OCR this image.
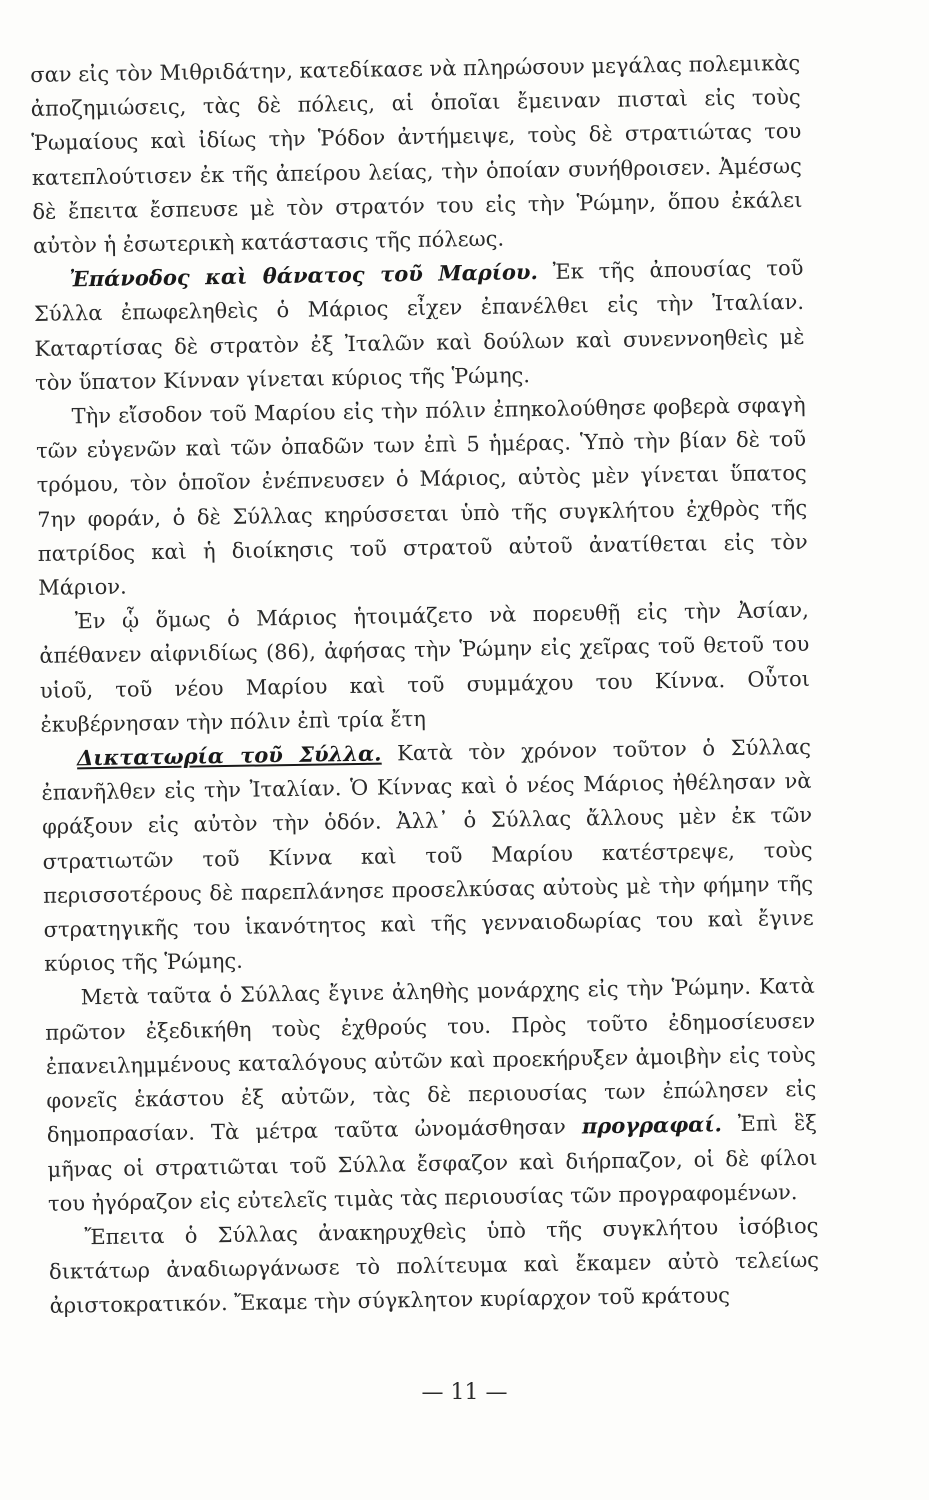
σαν εἰς τὸν Μιθριδάτην, κατεδίκασε νὰ πληρώσουν μεγάλας πολεμικὰς ἀποζημιώσεις, τὰς δὲ πόλεις, αἱ ὁποῖαι ἔμειναν πισταὶ εἰς τοὺς Ῥωμαίους καὶ ἰδίως τὴν Ῥόδον ἀντήμειψε, τοὺς δὲ στρατιώτας του κατεπλούτισεν ἐκ τῆς ἀπείρου λείας, τὴν ὁποίαν συνήθροισεν. Ἀμέσως δὲ ἔπειτα ἔσπευσε μὲ τὸν στρατόν του εἰς τὴν Ῥώμην, ὅπου ἐκάλει αὐτὸν ἡ ἐσωτερικὴ κατάστασις τῆς πόλεως.

Ἐπάνοδος καὶ θάνατος τοῦ Μαρίου. Ἐκ τῆς ἀπουσίας τοῦ Σύλλα ἐπωφεληθεὶς ὁ Μάριος εἶχεν ἐπανέλθει εἰς τὴν Ἰταλίαν. Καταρτίσας δὲ στρατὸν ἐξ Ἰταλῶν καὶ δούλων καὶ συνεννοηθεὶς μὲ τὸν ὕπατον Κίνναν γίνεται κύριος τῆς Ῥώμης.

Τὴν εἴσοδον τοῦ Μαρίου εἰς τὴν πόλιν ἐπηκολούθησε φοβερὰ σφαγὴ τῶν εὐγενῶν καὶ τῶν ὀπαδῶν των ἐπὶ 5 ἡμέρας. Ὑπὸ τὴν βίαν δὲ τοῦ τρόμου, τὸν ὁποῖον ἐνέπνευσεν ὁ Μάριος, αὐτὸς μὲν γίνεται ὕπατος 7ην φοράν, ὁ δὲ Σύλλας κηρύσσεται ὑπὸ τῆς συγκλήτου ἐχθρὸς τῆς πατρίδος καὶ ἡ διοίκησις τοῦ στρατοῦ αὐτοῦ ἀνατίθεται εἰς τὸν Μάριον.

Ἐν ᾧ ὅμως ὁ Μάριος ἡτοιμάζετο νὰ πορευθῇ εἰς τὴν Ἀσίαν, ἀπέθανεν αἰφνιδίως (86), ἀφήσας τὴν Ῥώμην εἰς χεῖρας τοῦ θετοῦ του υἱοῦ, τοῦ νέου Μαρίου καὶ τοῦ συμμάχου του Κίννα. Οὗτοι ἐκυβέρνησαν τὴν πόλιν ἐπὶ τρία ἔτη

Δικτατωρία τοῦ Σύλλα. Κατὰ τὸν χρόνον τοῦτον ὁ Σύλλας ἐπανῆλθεν εἰς τὴν Ἰταλίαν. Ὁ Κίννας καὶ ὁ νέος Μάριος ἠθέλησαν νὰ φράξουν εἰς αὐτὸν τὴν ὁδόν. Ἀλλ᾽ ὁ Σύλλας ἄλλους μὲν ἐκ τῶν στρατιωτῶν τοῦ Κίννα καὶ τοῦ Μαρίου κατέστρεψε, τοὺς περισσοτέρους δὲ παρεπλάνησε προσελκύσας αὐτοὺς μὲ τὴν φήμην τῆς στρατηγικῆς του ἱκανότητος καὶ τῆς γενναιοδωρίας του καὶ ἔγινε κύριος τῆς Ῥώμης.

Μετὰ ταῦτα ὁ Σύλλας ἔγινε ἀληθὴς μονάρχης εἰς τὴν Ῥώμην. Κατὰ πρῶτον ἐξεδικήθη τοὺς ἐχθρούς του. Πρὸς τοῦτο ἐδημοσίευσεν ἐπανειλημμένους καταλόγους αὐτῶν καὶ προεκήρυξεν ἀμοιβὴν εἰς τοὺς φονεῖς ἑκάστου ἐξ αὐτῶν, τὰς δὲ περιουσίας των ἐπώλησεν εἰς δημοπρασίαν. Τὰ μέτρα ταῦτα ὠνομάσθησαν προγραφαί. Ἐπὶ ἓξ μῆνας οἱ στρατιῶται τοῦ Σύλλα ἔσφαζον καὶ διήρπαζον, οἱ δὲ φίλοι του ἠγόραζον εἰς εὐτελεῖς τιμὰς τὰς περιουσίας τῶν προγραφομένων.

Ἔπειτα ὁ Σύλλας ἀνακηρυχθεὶς ὑπὸ τῆς συγκλήτου ἰσόβιος δικτάτωρ ἀναδιωργάνωσε τὸ πολίτευμα καὶ ἔκαμεν αὐτὸ τελείως ἀριστοκρατικόν. Ἔκαμε τὴν σύγκλητον κυρίαρχον τοῦ κράτους

— 11 —
